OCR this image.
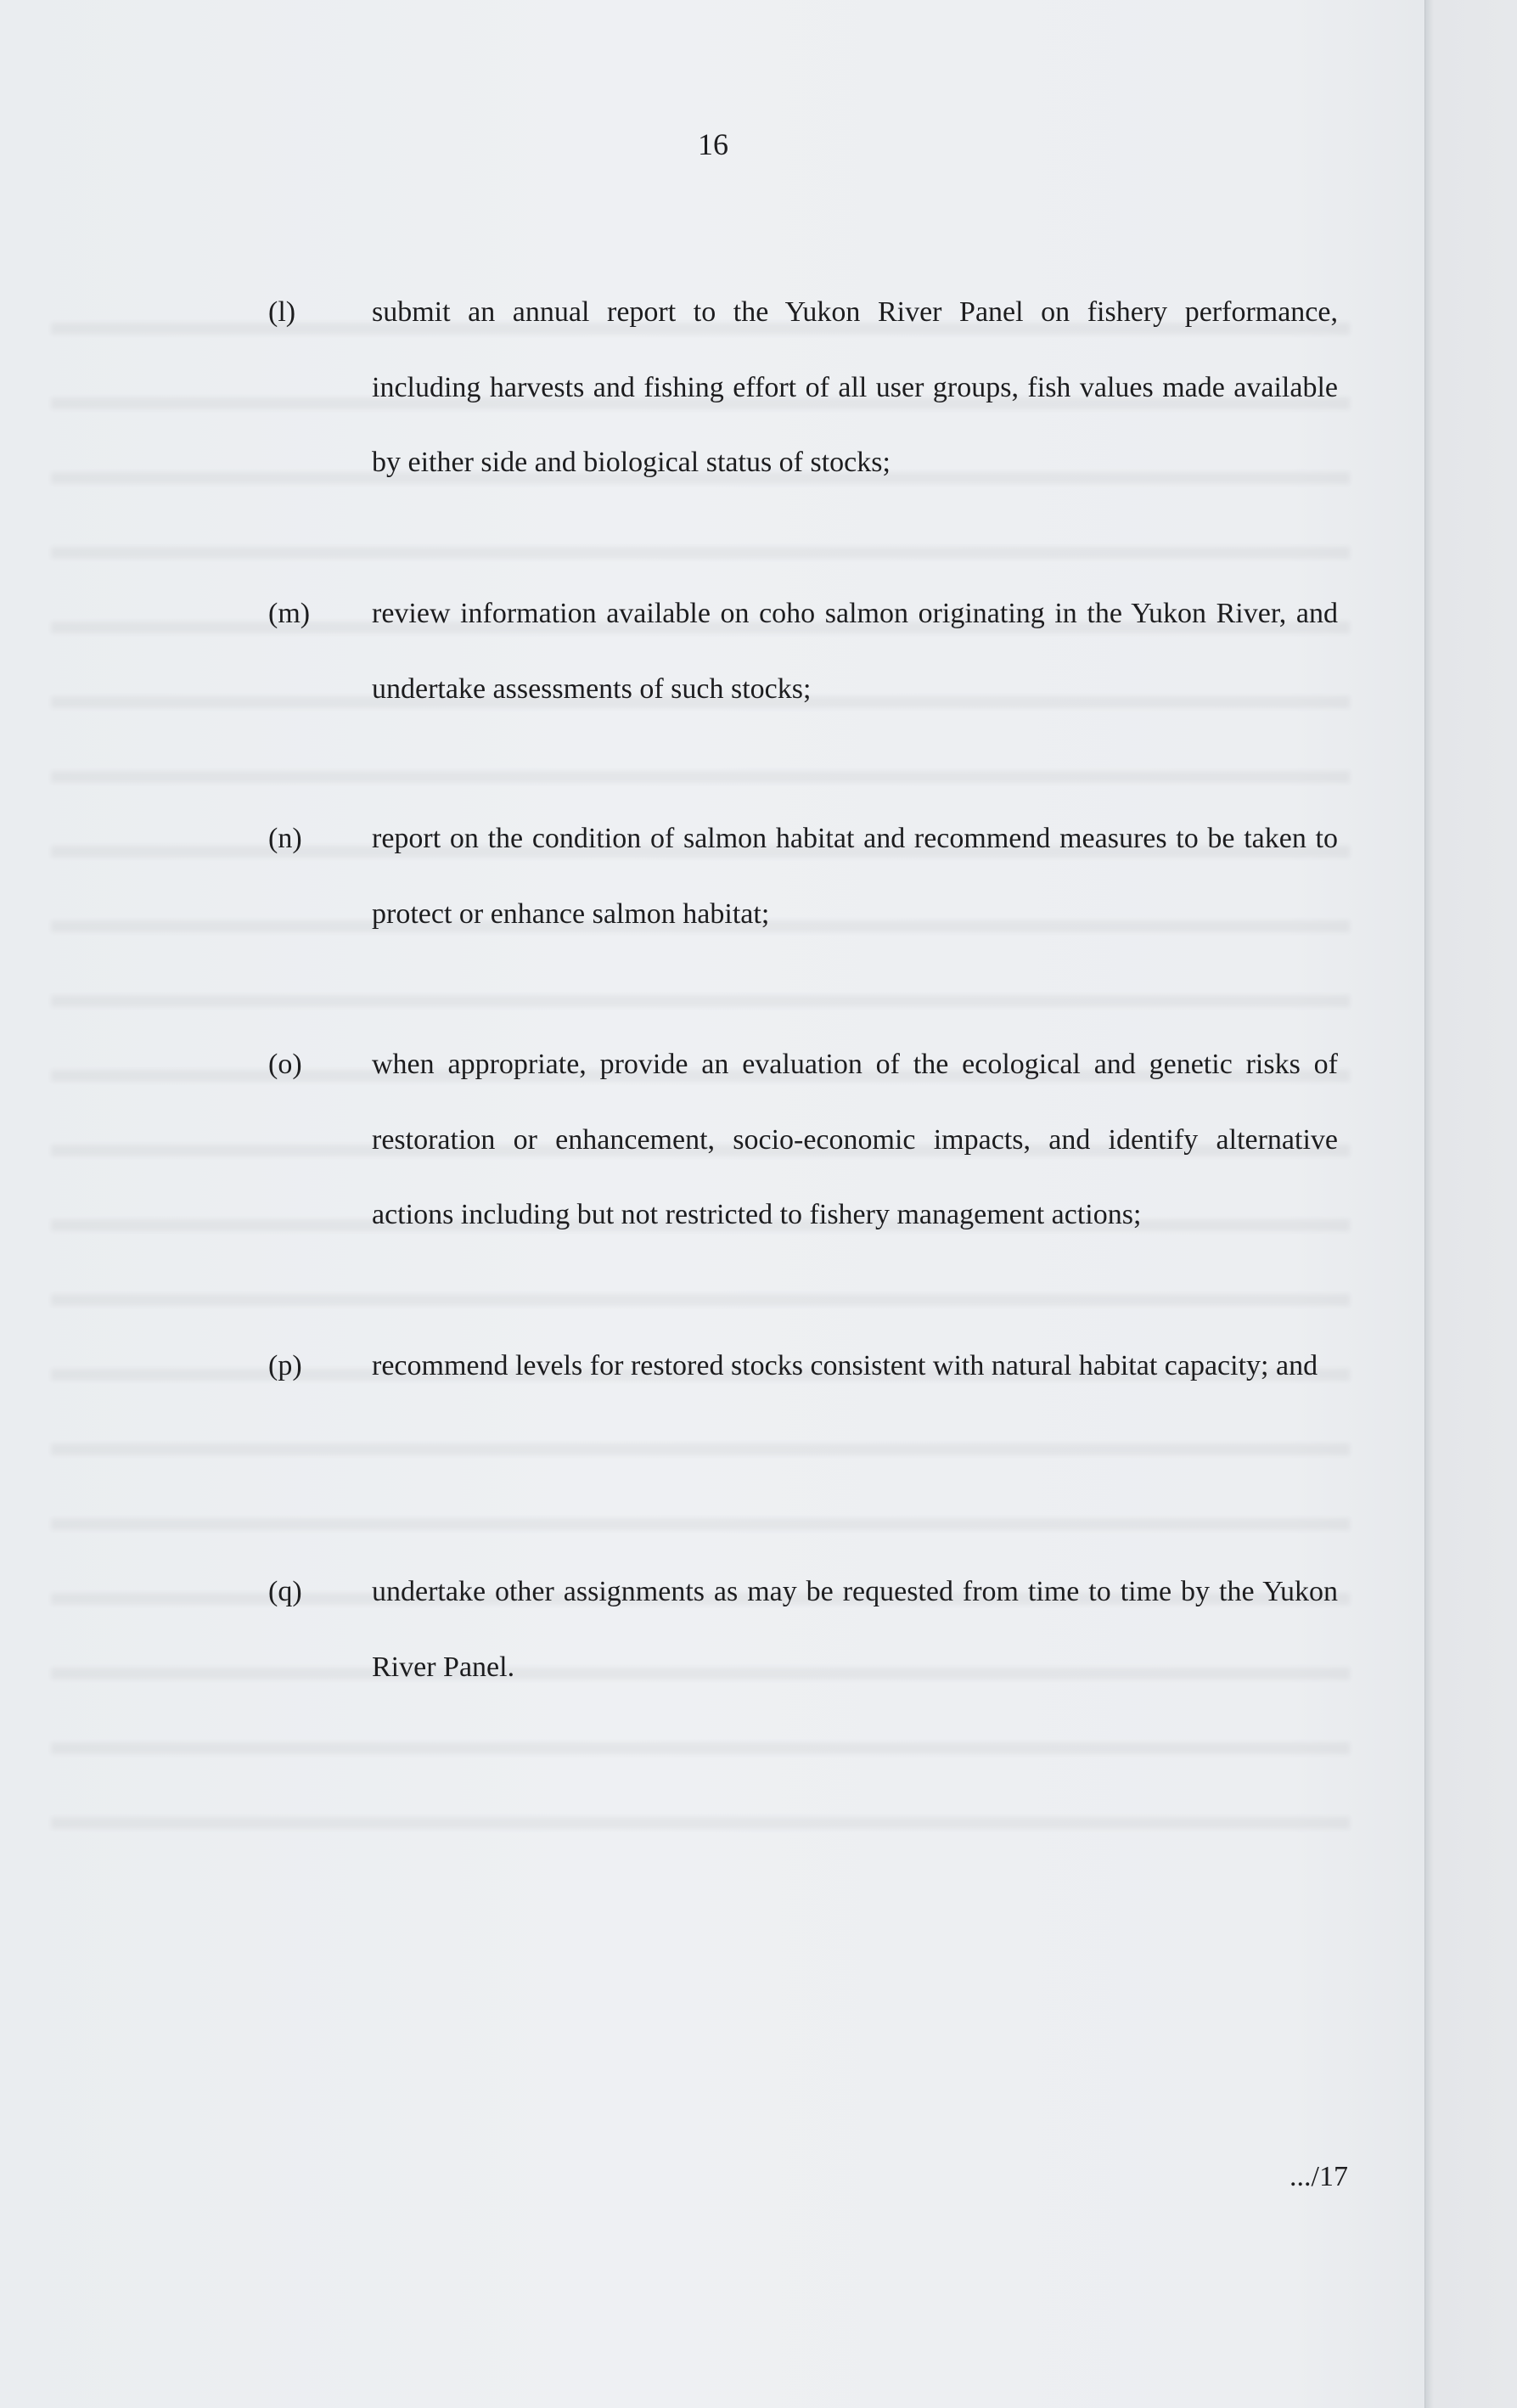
16
(l)	submit an annual report to the Yukon River Panel on fishery performance, including harvests and fishing effort of all user groups, fish values made available by either side and biological status of stocks;
(m) review information available on coho salmon originating in the Yukon River, and undertake assessments of such stocks;
(n) report on the condition of salmon habitat and recommend measures to be taken to protect or enhance salmon habitat;
(o) when appropriate, provide an evaluation of the ecological and genetic risks of restoration or enhancement, socio-economic impacts, and identify alternative actions including but not restricted to fishery management actions;
(p) recommend levels for restored stocks consistent with natural habitat capacity; and
(q) undertake other assignments as may be requested from time to time by the Yukon River Panel.
.../17
